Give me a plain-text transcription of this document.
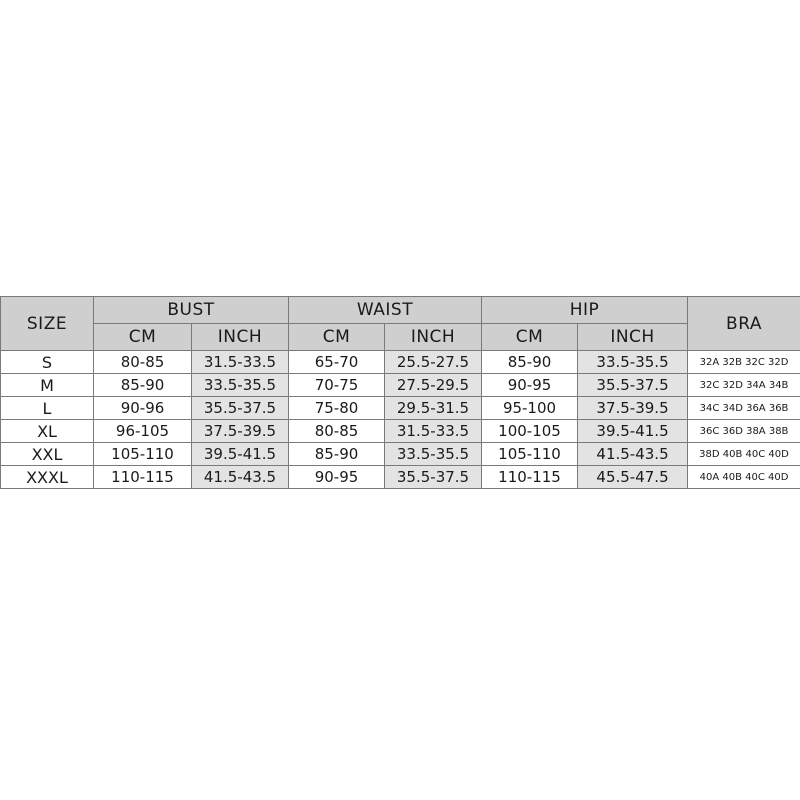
SIZE	BUST		WAIST		HIP		BRA
	CM	INCH	CM	INCH	CM	INCH	
S	80-85	31.5-33.5	65-70	25.5-27.5	85-90	33.5-35.5	32A 32B 32C 32D
M	85-90	33.5-35.5	70-75	27.5-29.5	90-95	35.5-37.5	32C 32D 34A 34B
L	90-96	35.5-37.5	75-80	29.5-31.5	95-100	37.5-39.5	34C 34D 36A 36B
XL	96-105	37.5-39.5	80-85	31.5-33.5	100-105	39.5-41.5	36C 36D 38A 38B
XXL	105-110	39.5-41.5	85-90	33.5-35.5	105-110	41.5-43.5	38D 40B 40C 40D
XXXL	110-115	41.5-43.5	90-95	35.5-37.5	110-115	45.5-47.5	40A 40B 40C 40D
